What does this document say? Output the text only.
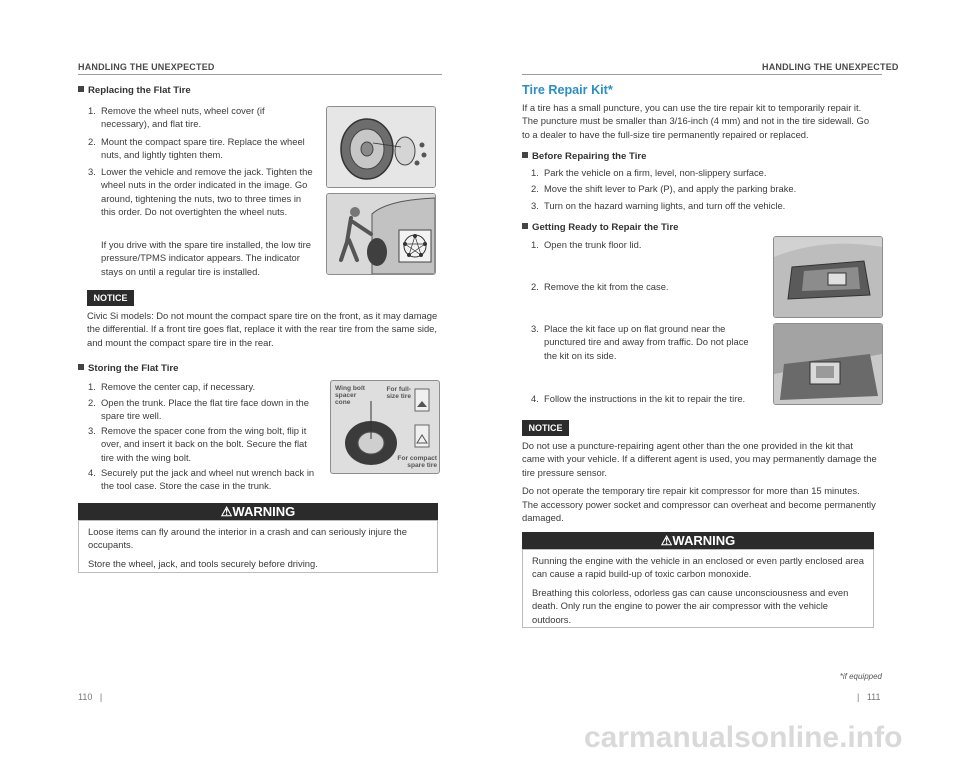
HANDLING THE UNEXPECTED
Replacing the Flat Tire
1. Remove the wheel nuts, wheel cover (if necessary), and flat tire.
2. Mount the compact spare tire. Replace the wheel nuts, and lightly tighten them.
3. Lower the vehicle and remove the jack. Tighten the wheel nuts in the order indicated in the image. Go around, tightening the nuts, two to three times in this order. Do not overtighten the wheel nuts.

If you drive with the spare tire installed, the low tire pressure/TPMS indicator appears. The indicator stays on until a regular tire is installed.

NOTICE

Civic Si models: Do not mount the compact spare tire on the front, as it may damage the differential. If a front tire goes flat, replace it with the rear tire from the same side, and mount the compact spare tire in the rear.

Storing the Flat Tire
1. Remove the center cap, if necessary.
2. Open the trunk. Place the flat tire face down in the spare tire well.
3. Remove the spacer cone from the wing bolt, flip it over, and insert it back on the bolt. Secure the flat tire with the wing bolt.
4. Securely put the jack and wheel nut wrench back in the tool case. Store the case in the trunk.
Wing bolt spacer cone
For full-size tire
For compact spare tire
⚠WARNING

Loose items can fly around the interior in a crash and can seriously injure the occupants.

Store the wheel, jack, and tools securely before driving.

110   |
HANDLING THE UNEXPECTED
Tire Repair Kit*

If a tire has a small puncture, you can use the tire repair kit to temporarily repair it. The puncture must be smaller than 3/16-inch (4 mm) and not in the tire sidewall. Go to a dealer to have the full-size tire permanently repaired or replaced.

Before Repairing the Tire
1. Park the vehicle on a firm, level, non-slippery surface.
2. Move the shift lever to Park (P), and apply the parking brake.
3. Turn on the hazard warning lights, and turn off the vehicle.
Getting Ready to Repair the Tire
1. Open the trunk floor lid.
2. Remove the kit from the case.
3. Place the kit face up on flat ground near the punctured tire and away from traffic. Do not place the kit on its side.
4. Follow the instructions in the kit to repair the tire.
NOTICE

Do not use a puncture-repairing agent other than the one provided in the kit that came with your vehicle. If a different agent is used, you may permanently damage the tire pressure sensor.

Do not operate the temporary tire repair kit compressor for more than 15 minutes. The accessory power socket and compressor can overheat and become permanently damaged.

⚠WARNING

Running the engine with the vehicle in an enclosed or even partly enclosed area can cause a rapid build-up of toxic carbon monoxide.

Breathing this colorless, odorless gas can cause unconsciousness and even death. Only run the engine to power the air compressor with the vehicle outdoors.

*if equipped
|   111
carmanualsonline.info
